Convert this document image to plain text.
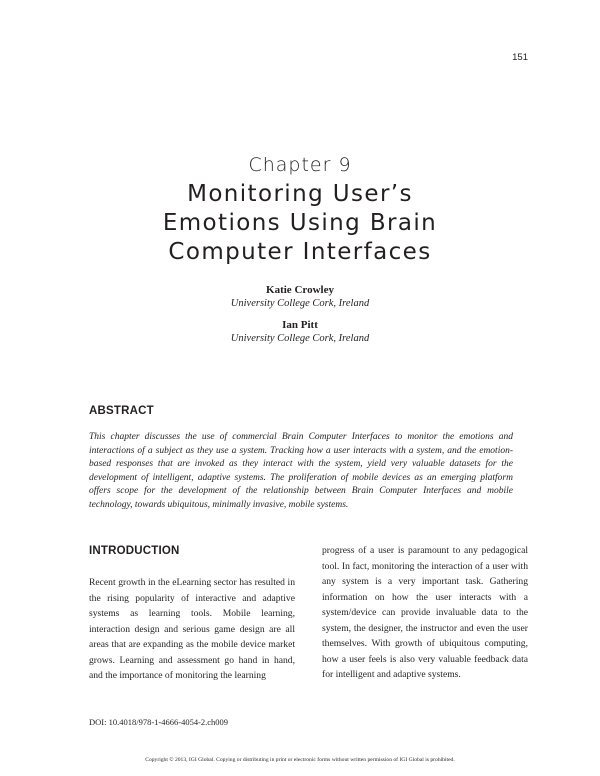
151
Chapter 9
Monitoring User’s
Emotions Using Brain
Computer Interfaces
Katie Crowley
University College Cork, Ireland
Ian Pitt
University College Cork, Ireland
ABSTRACT

This chapter discusses the use of commercial Brain Computer Interfaces to monitor the emotions and interactions of a subject as they use a system. Tracking how a user interacts with a system, and the emotion-based responses that are invoked as they interact with the system, yield very valuable datasets for the development of intelligent, adaptive systems. The proliferation of mobile devices as an emerging platform offers scope for the development of the relationship between Brain Computer Interfaces and mobile technology, towards ubiquitous, minimally invasive, mobile systems.

INTRODUCTION

Recent growth in the eLearning sector has resulted in the rising popularity of interactive and adaptive systems as learning tools. Mobile learning, interaction design and serious game design are all areas that are expanding as the mobile device market grows. Learning and assessment go hand in hand, and the importance of monitoring the learning

progress of a user is paramount to any pedagogical tool. In fact, monitoring the interaction of a user with any system is a very important task. Gathering information on how the user interacts with a system/device can provide invaluable data to the system, the designer, the instructor and even the user themselves. With growth of ubiquitous computing, how a user feels is also very valuable feedback data for intelligent and adaptive systems.

DOI: 10.4018/978-1-4666-4054-2.ch009
Copyright © 2013, IGI Global. Copying or distributing in print or electronic forms without written permission of IGI Global is prohibited.
